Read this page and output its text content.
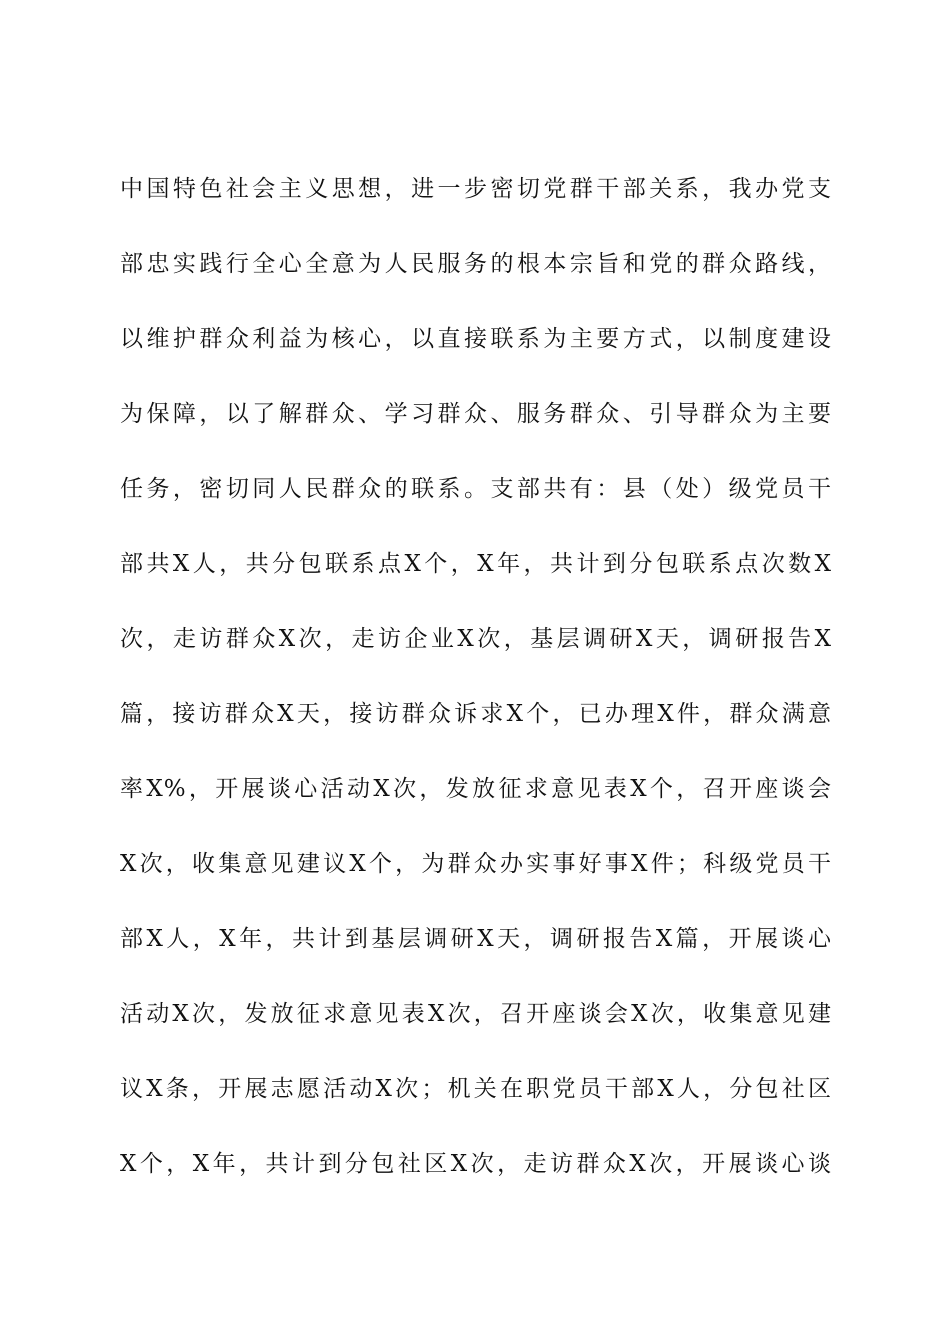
中国特色社会主义思想，进一步密切党群干部关系，我办党支
部忠实践行全心全意为人民服务的根本宗旨和党的群众路线，
以维护群众利益为核心，以直接联系为主要方式，以制度建设
为保障，以了解群众、学习群众、服务群众、引导群众为主要
任务，密切同人民群众的联系。支部共有：县（处）级党员干
部共X人，共分包联系点X个，X年，共计到分包联系点次数X
次，走访群众X次，走访企业X次，基层调研X天，调研报告X
篇，接访群众X天，接访群众诉求X个，已办理X件，群众满意
率X%，开展谈心活动X次，发放征求意见表X个，召开座谈会
X次，收集意见建议X个，为群众办实事好事X件；科级党员干
部X人，X年，共计到基层调研X天，调研报告X篇，开展谈心
活动X次，发放征求意见表X次，召开座谈会X次，收集意见建
议X条，开展志愿活动X次；机关在职党员干部X人，分包社区
X个，X年，共计到分包社区X次，走访群众X次，开展谈心谈
